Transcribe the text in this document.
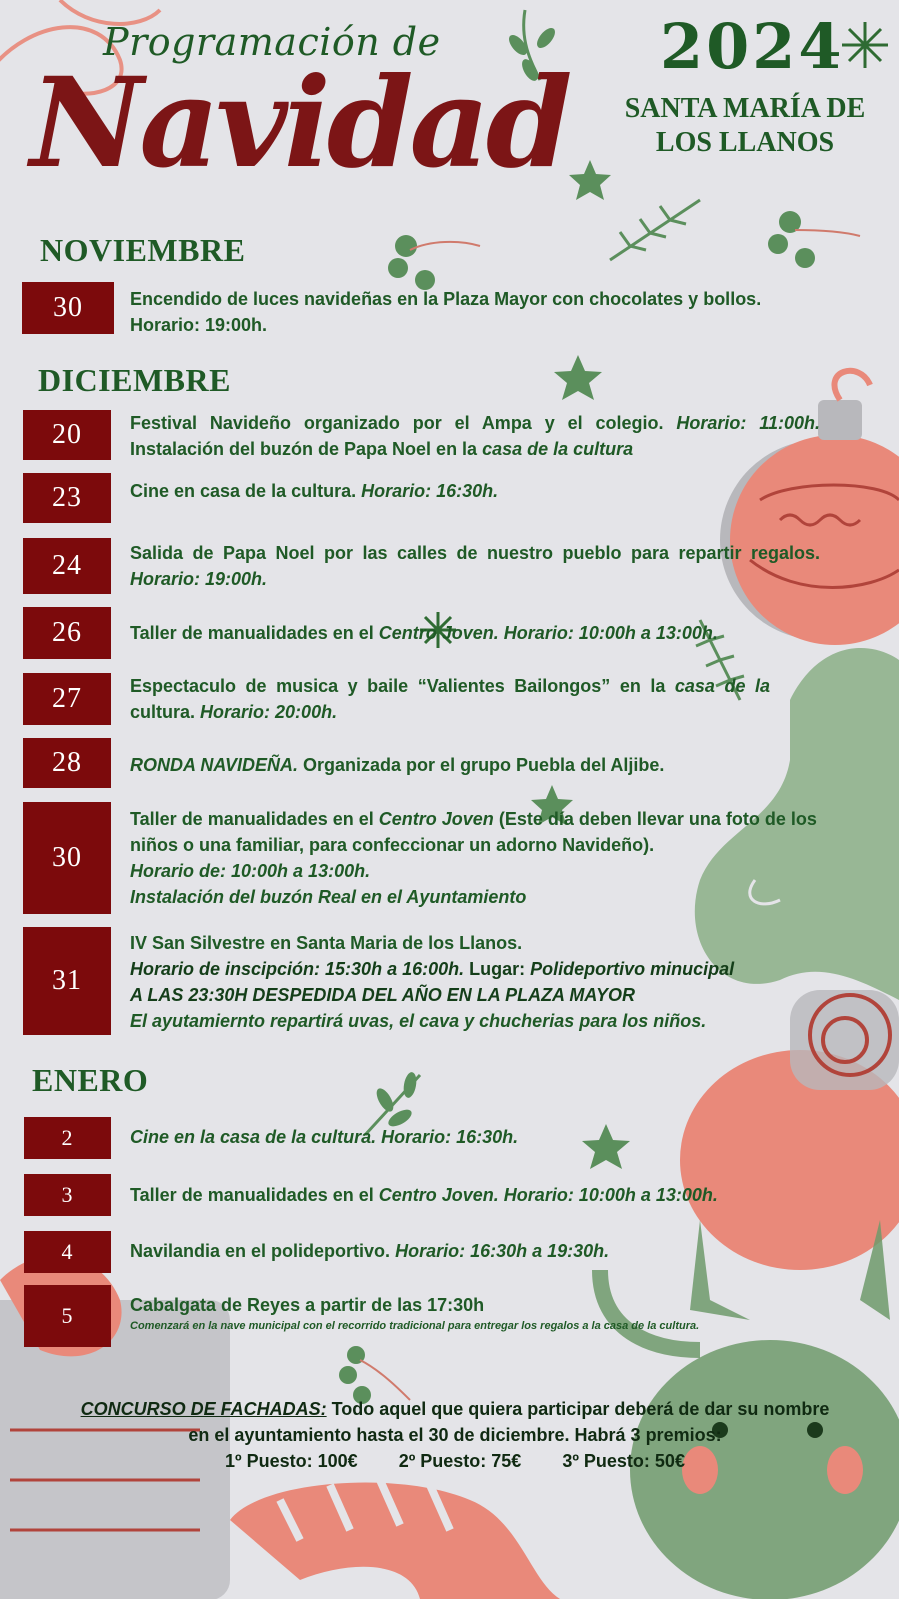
Programación de
Navidad
2024
SANTA MARÍA DE
LOS LLANOS
NOVIEMBRE
30	Encendido de luces navideñas en la Plaza Mayor con chocolates y bollos.
Horario: 19:00h.
DICIEMBRE
20	Festival Navideño organizado por el Ampa y el colegio. Horario: 11:00h.
Instalación del buzón de Papa Noel en la casa de la cultura
23	Cine en casa de la cultura. Horario: 16:30h.
24	Salida de Papa Noel por las calles de nuestro pueblo para repartir regalos.
Horario: 19:00h.
26	Taller de manualidades en el Centro Joven. Horario: 10:00h a 13:00h.
27	Espectaculo de musica y baile “Valientes Bailongos” en la casa de la
cultura. Horario: 20:00h.
28	RONDA NAVIDEÑA. Organizada por el grupo Puebla del Aljibe.
30
Taller de manualidades en el Centro Joven (Este día deben llevar una foto de los
niños o una familiar, para confeccionar un adorno Navideño).
Horario de: 10:00h a 13:00h.
Instalación del buzón Real en el Ayuntamiento
31
IV San Silvestre en Santa Maria de los Llanos.
Horario de inscipción: 15:30h a 16:00h. Lugar: Polideportivo minucipal
A LAS 23:30H DESPEDIDA DEL AÑO EN LA PLAZA MAYOR
El ayutamiernto repartirá uvas, el cava y chucherias para los niños.
ENERO
2	Cine en la casa de la cultura. Horario: 16:30h.
3	Taller de manualidades en el Centro Joven. Horario: 10:00h a 13:00h.
4	Navilandia en el polideportivo. Horario: 16:30h a 19:30h.
5	Cabalgata de Reyes a partir de las 17:30h
Comenzará en la nave municipal con el recorrido tradicional para entregar los regalos a la casa de la cultura.
CONCURSO DE FACHADAS: Todo aquel que quiera participar deberá de dar su nombre
en el ayuntamiento hasta el 30 de diciembre. Habrá 3 premios:
1º Puesto: 100€ 2º Puesto: 75€ 3º Puesto: 50€
